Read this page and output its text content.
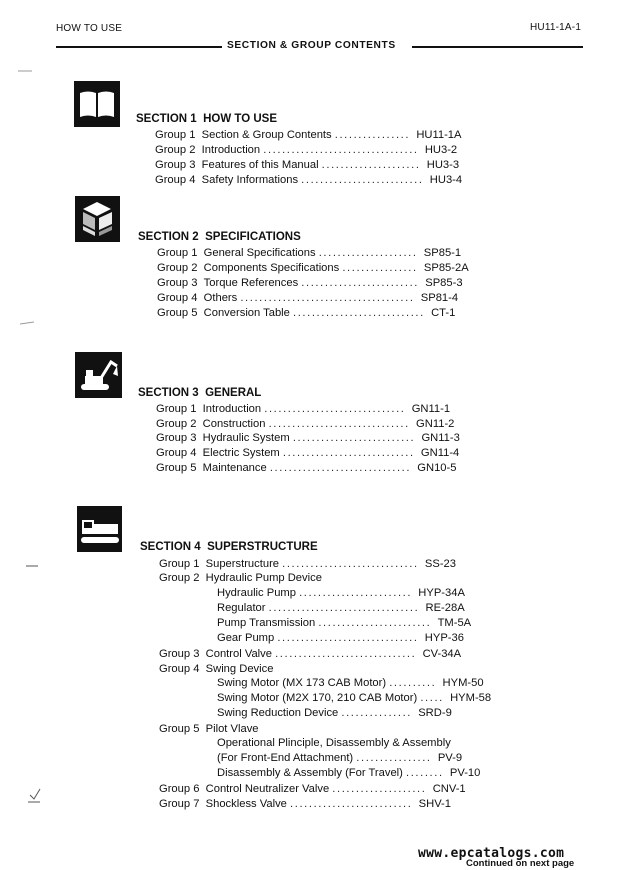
HOW TO USE	HU11-1A-1
SECTION & GROUP CONTENTS
SECTION 1 HOW TO USE
Group 1 Section & Group Contents ................ HU11-1A
Group 2 Introduction ................................. HU3-2
Group 3 Features of this Manual ..................... HU3-3
Group 4 Safety Informations .......................... HU3-4
SECTION 2 SPECIFICATIONS
Group 1 General Specifications ..................... SP85-1
Group 2 Components Specifications ................ SP85-2A
Group 3 Torque References ......................... SP85-3
Group 4 Others ..................................... SP81-4
Group 5 Conversion Table ............................ CT-1
SECTION 3 GENERAL
Group 1 Introduction .............................. GN11-1
Group 2 Construction .............................. GN11-2
Group 3 Hydraulic System .......................... GN11-3
Group 4 Electric System ............................ GN11-4
Group 5 Maintenance .............................. GN10-5
SECTION 4 SUPERSTRUCTURE
Group 1 Superstructure ............................. SS-23
Group 2 Hydraulic Pump Device
Hydraulic Pump ........................ HYP-34A
Regulator ................................ RE-28A
Pump Transmission ........................ TM-5A
Gear Pump .............................. HYP-36
Group 3 Control Valve .............................. CV-34A
Group 4 Swing Device
Swing Motor (MX 173 CAB Motor) .......... HYM-50
Swing Motor (M2X 170, 210 CAB Motor) ..... HYM-58
Swing Reduction Device ............... SRD-9
Group 5 Pilot Vlave
Operational Plinciple, Disassembly & Assembly
(For Front-End Attachment) ................ PV-9
Disassembly & Assembly (For Travel) ........ PV-10
Group 6 Control Neutralizer Valve .................... CNV-1
Group 7 Shockless Valve .......................... SHV-1
www.epcatalogs.com
Continued on next page
